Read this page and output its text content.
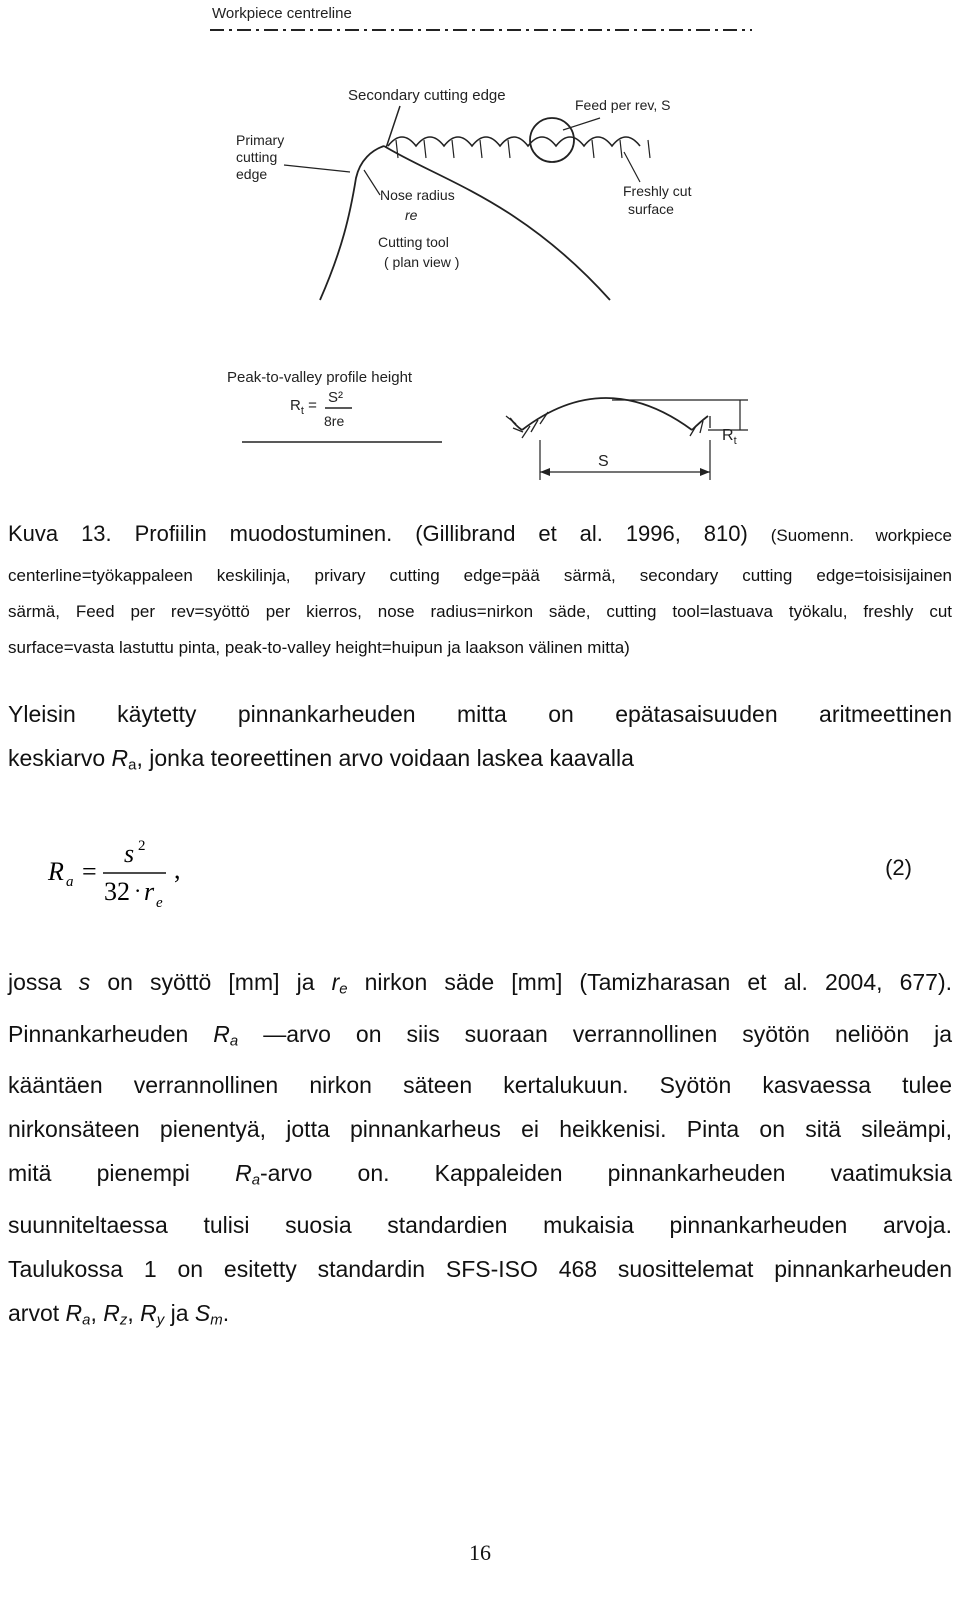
Workpiece centreline
Secondary cutting edge
Feed per rev, S
Primary cutting edge
Nose radius
re
Freshly cut surface
Cutting tool ( plan view )
Peak-to-valley profile height
$R_t = S^2$
8re
$R_t$
S
Kuva 13. Profiilin muodostuminen. (Gillibrand et al. 1996, 810) (Suomenn. workpiece
centerline=työkappaleen keskilinja, privary cutting edge=pää särmä, secondary cutting edge=toisisijainen
särmä, Feed per rev=syöttö per kierros, nose radius=nirkon säde, cutting tool=lastuava työkalu, freshly cut
surface=vasta lastuttu pinta, peak-to-valley height=huipun ja laakson välinen mitta)
Yleisin käytetty pinnankarheuden mitta on epätasaisuuden aritmeettinen
keskiarvo $R_a$, jonka teoreettinen arvo voidaan laskea kaavalla
R a =
s 2
32 · r e
,	(2)
jossa s on syöttö [mm] ja $r_e$ nirkon säde [mm] (Tamizharasan et al. 2004, 677).
Pinnankarheuden $R_a$ —arvo on siis suoraan verrannollinen syötön neliöön ja
kääntäen verrannollinen nirkon säteen kertalukuun. Syötön kasvaessa tulee
nirkonsäteen pienentyä, jotta pinnankarheus ei heikkenisi. Pinta on sitä sileämpi,
mitä pienempi $R_a$-arvo on. Kappaleiden pinnankarheuden vaatimuksia
suunniteltaessa tulisi suosia standardien mukaisia pinnankarheuden arvoja.
Taulukossa 1 on esitetty standardin SFS-ISO 468 suosittelemat pinnankarheuden
arvot $R_a$, $R_z$, $R_y$ ja $S_m$.
16
